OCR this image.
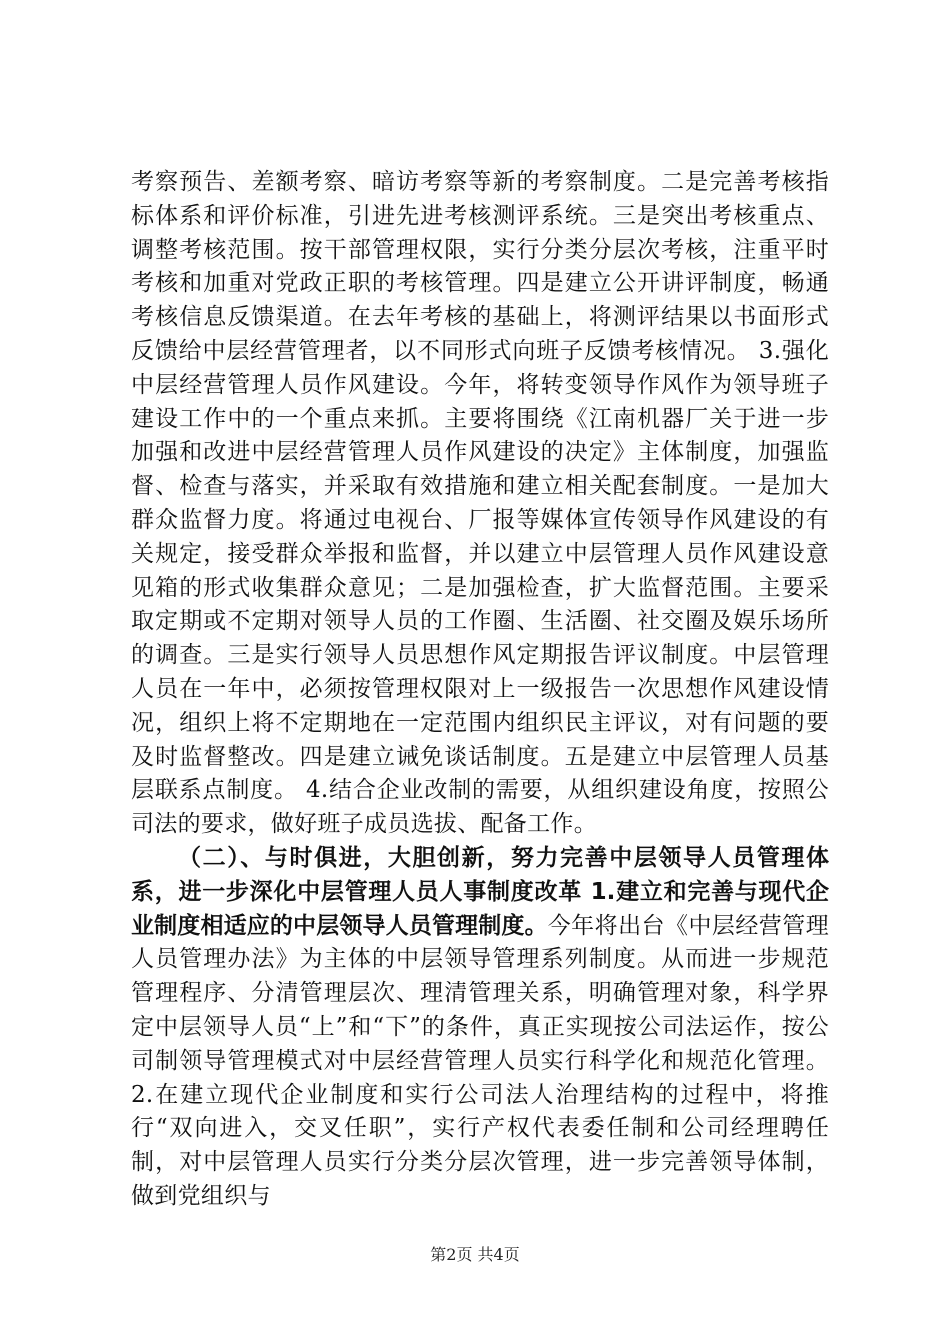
考察预告、差额考察、暗访考察等新的考察制度。二是完善考核指标体系和评价标准，引进先进考核测评系统。三是突出考核重点、调整考核范围。按干部管理权限，实行分类分层次考核，注重平时考核和加重对党政正职的考核管理。四是建立公开讲评制度，畅通考核信息反馈渠道。在去年考核的基础上，将测评结果以书面形式反馈给中层经营管理者，以不同形式向班子反馈考核情况。 3.强化中层经营管理人员作风建设。今年，将转变领导作风作为领导班子建设工作中的一个重点来抓。主要将围绕《江南机器厂关于进一步加强和改进中层经营管理人员作风建设的决定》主体制度，加强监督、检查与落实，并采取有效措施和建立相关配套制度。一是加大群众监督力度。将通过电视台、厂报等媒体宣传领导作风建设的有关规定，接受群众举报和监督，并以建立中层管理人员作风建设意见箱的形式收集群众意见；二是加强检查，扩大监督范围。主要采取定期或不定期对领导人员的工作圈、生活圈、社交圈及娱乐场所的调查。三是实行领导人员思想作风定期报告评议制度。中层管理人员在一年中，必须按管理权限对上一级报告一次思想作风建设情况，组织上将不定期地在一定范围内组织民主评议，对有问题的要及时监督整改。四是建立诫免谈话制度。五是建立中层管理人员基层联系点制度。 4.结合企业改制的需要，从组织建设角度，按照公司法的要求，做好班子成员选拔、配备工作。

（二）、与时俱进，大胆创新，努力完善中层领导人员管理体系，进一步深化中层管理人员人事制度改革 1.建立和完善与现代企业制度相适应的中层领导人员管理制度。今年将出台《中层经营管理人员管理办法》为主体的中层领导管理系列制度。从而进一步规范管理程序、分清管理层次、理清管理关系，明确管理对象，科学界定中层领导人员“上”和“下”的条件，真正实现按公司法运作，按公司制领导管理模式对中层经营管理人员实行科学化和规范化管理。 2.在建立现代企业制度和实行公司法人治理结构的过程中，将推行“双向进入，交叉任职”，实行产权代表委任制和公司经理聘任制，对中层管理人员实行分类分层次管理，进一步完善领导体制，做到党组织与

第2页 共4页
